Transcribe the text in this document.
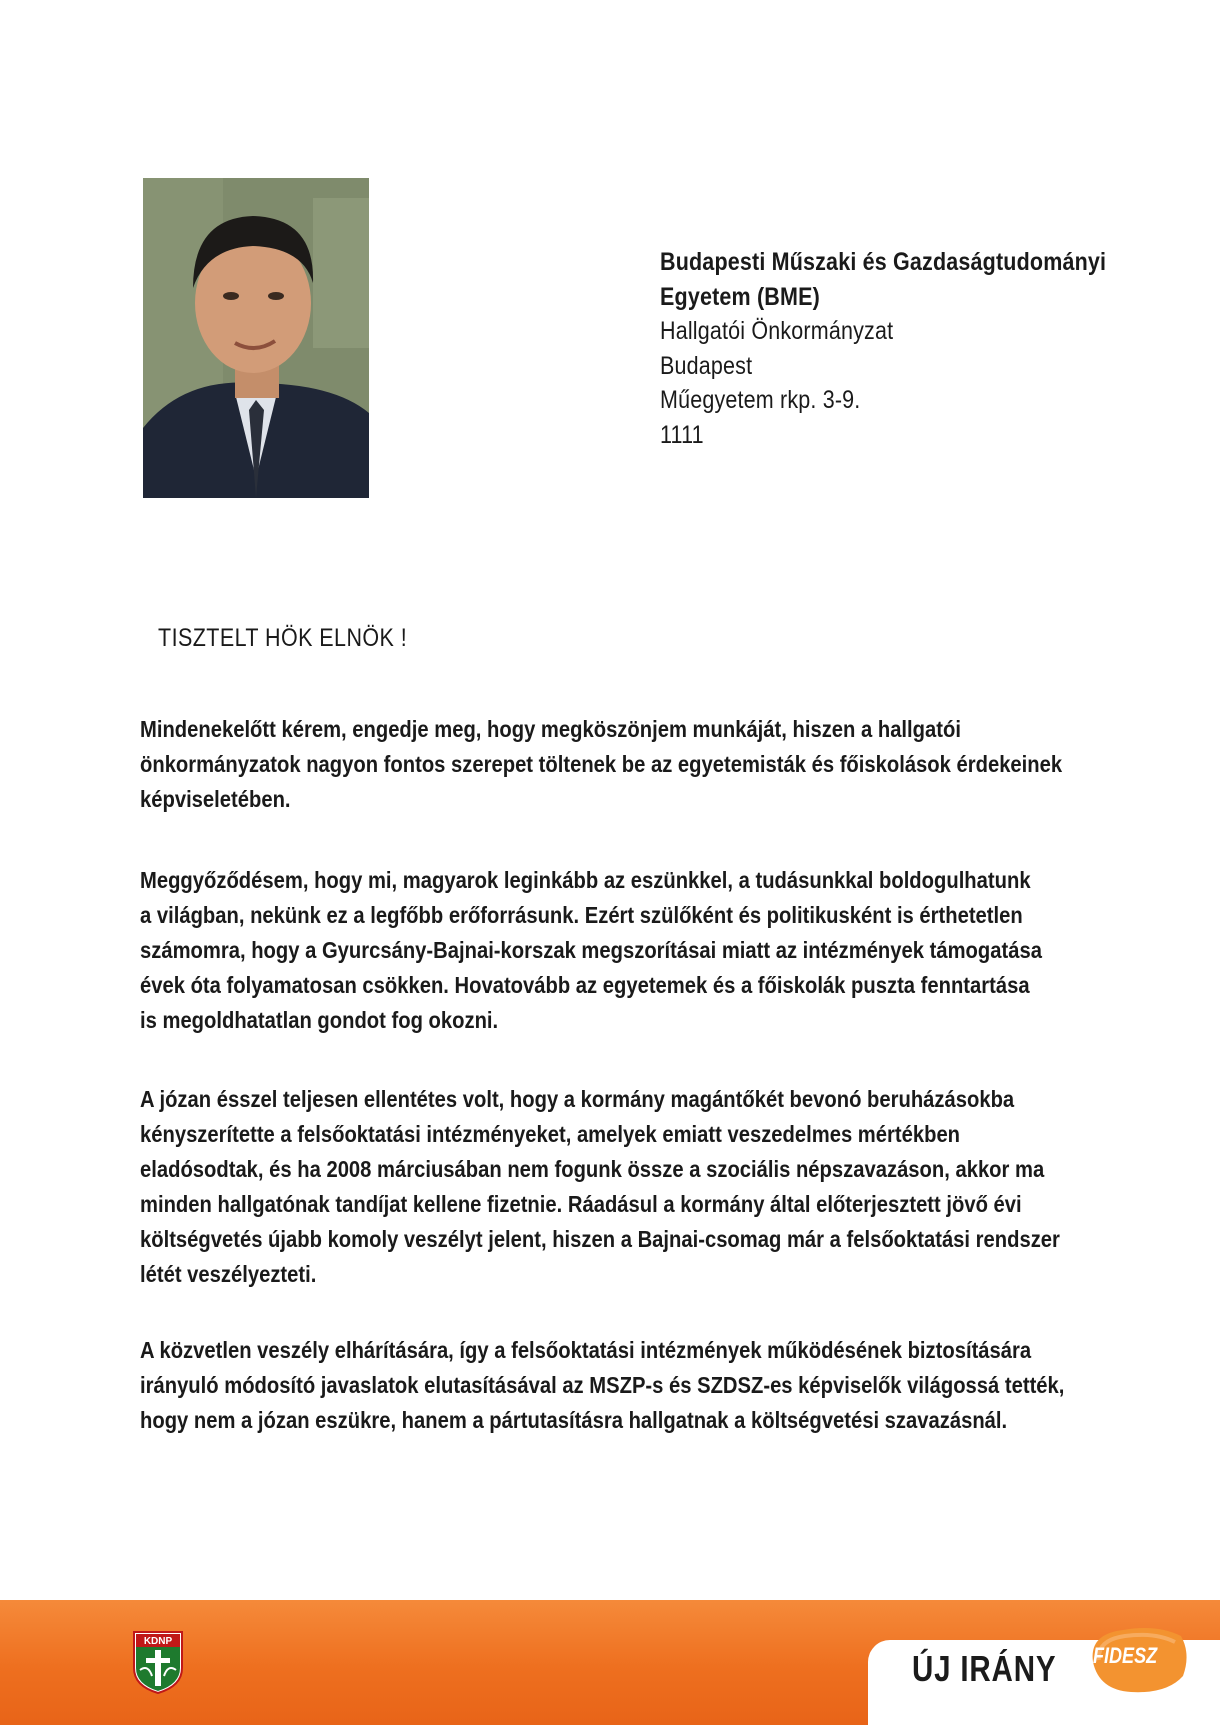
Budapesti Műszaki és Gazdaságtudományi
Egyetem (BME)
Hallgatói Önkormányzat
Budapest
Műegyetem rkp. 3-9.
1111
TISZTELT HÖK ELNÖK !
Mindenekelőtt kérem, engedje meg, hogy megköszönjem munkáját, hiszen a hallgatói
önkormányzatok nagyon fontos szerepet töltenek be az egyetemisták és főiskolások érdekeinek
képviseletében.
Meggyőződésem, hogy mi, magyarok leginkább az eszünkkel, a tudásunkkal boldogulhatunk
a világban, nekünk ez a legfőbb erőforrásunk. Ezért szülőként és politikusként is érthetetlen
számomra, hogy a Gyurcsány-Bajnai-korszak megszorításai miatt az intézmények támogatása
évek óta folyamatosan csökken. Hovatovább az egyetemek és a főiskolák puszta fenntartása
is megoldhatatlan gondot fog okozni.
A józan ésszel teljesen ellentétes volt, hogy a kormány magántőkét bevonó beruházásokba
kényszerítette a felsőoktatási intézményeket, amelyek emiatt veszedelmes mértékben
eladósodtak, és ha 2008 márciusában nem fogunk össze a szociális népszavazáson, akkor ma
minden hallgatónak tandíjat kellene fizetnie. Ráadásul a kormány által előterjesztett jövő évi
költségvetés újabb komoly veszélyt jelent, hiszen a Bajnai-csomag már a felsőoktatási rendszer
létét veszélyezteti.
A közvetlen veszély elhárítására, így a felsőoktatási intézmények működésének biztosítására
irányuló módosító javaslatok elutasításával az MSZP-s és SZDSZ-es képviselők világossá tették,
hogy nem a józan eszükre, hanem a pártutasításra hallgatnak a költségvetési szavazásnál.
KDNP
ÚJ IRÁNY FIDESZ
